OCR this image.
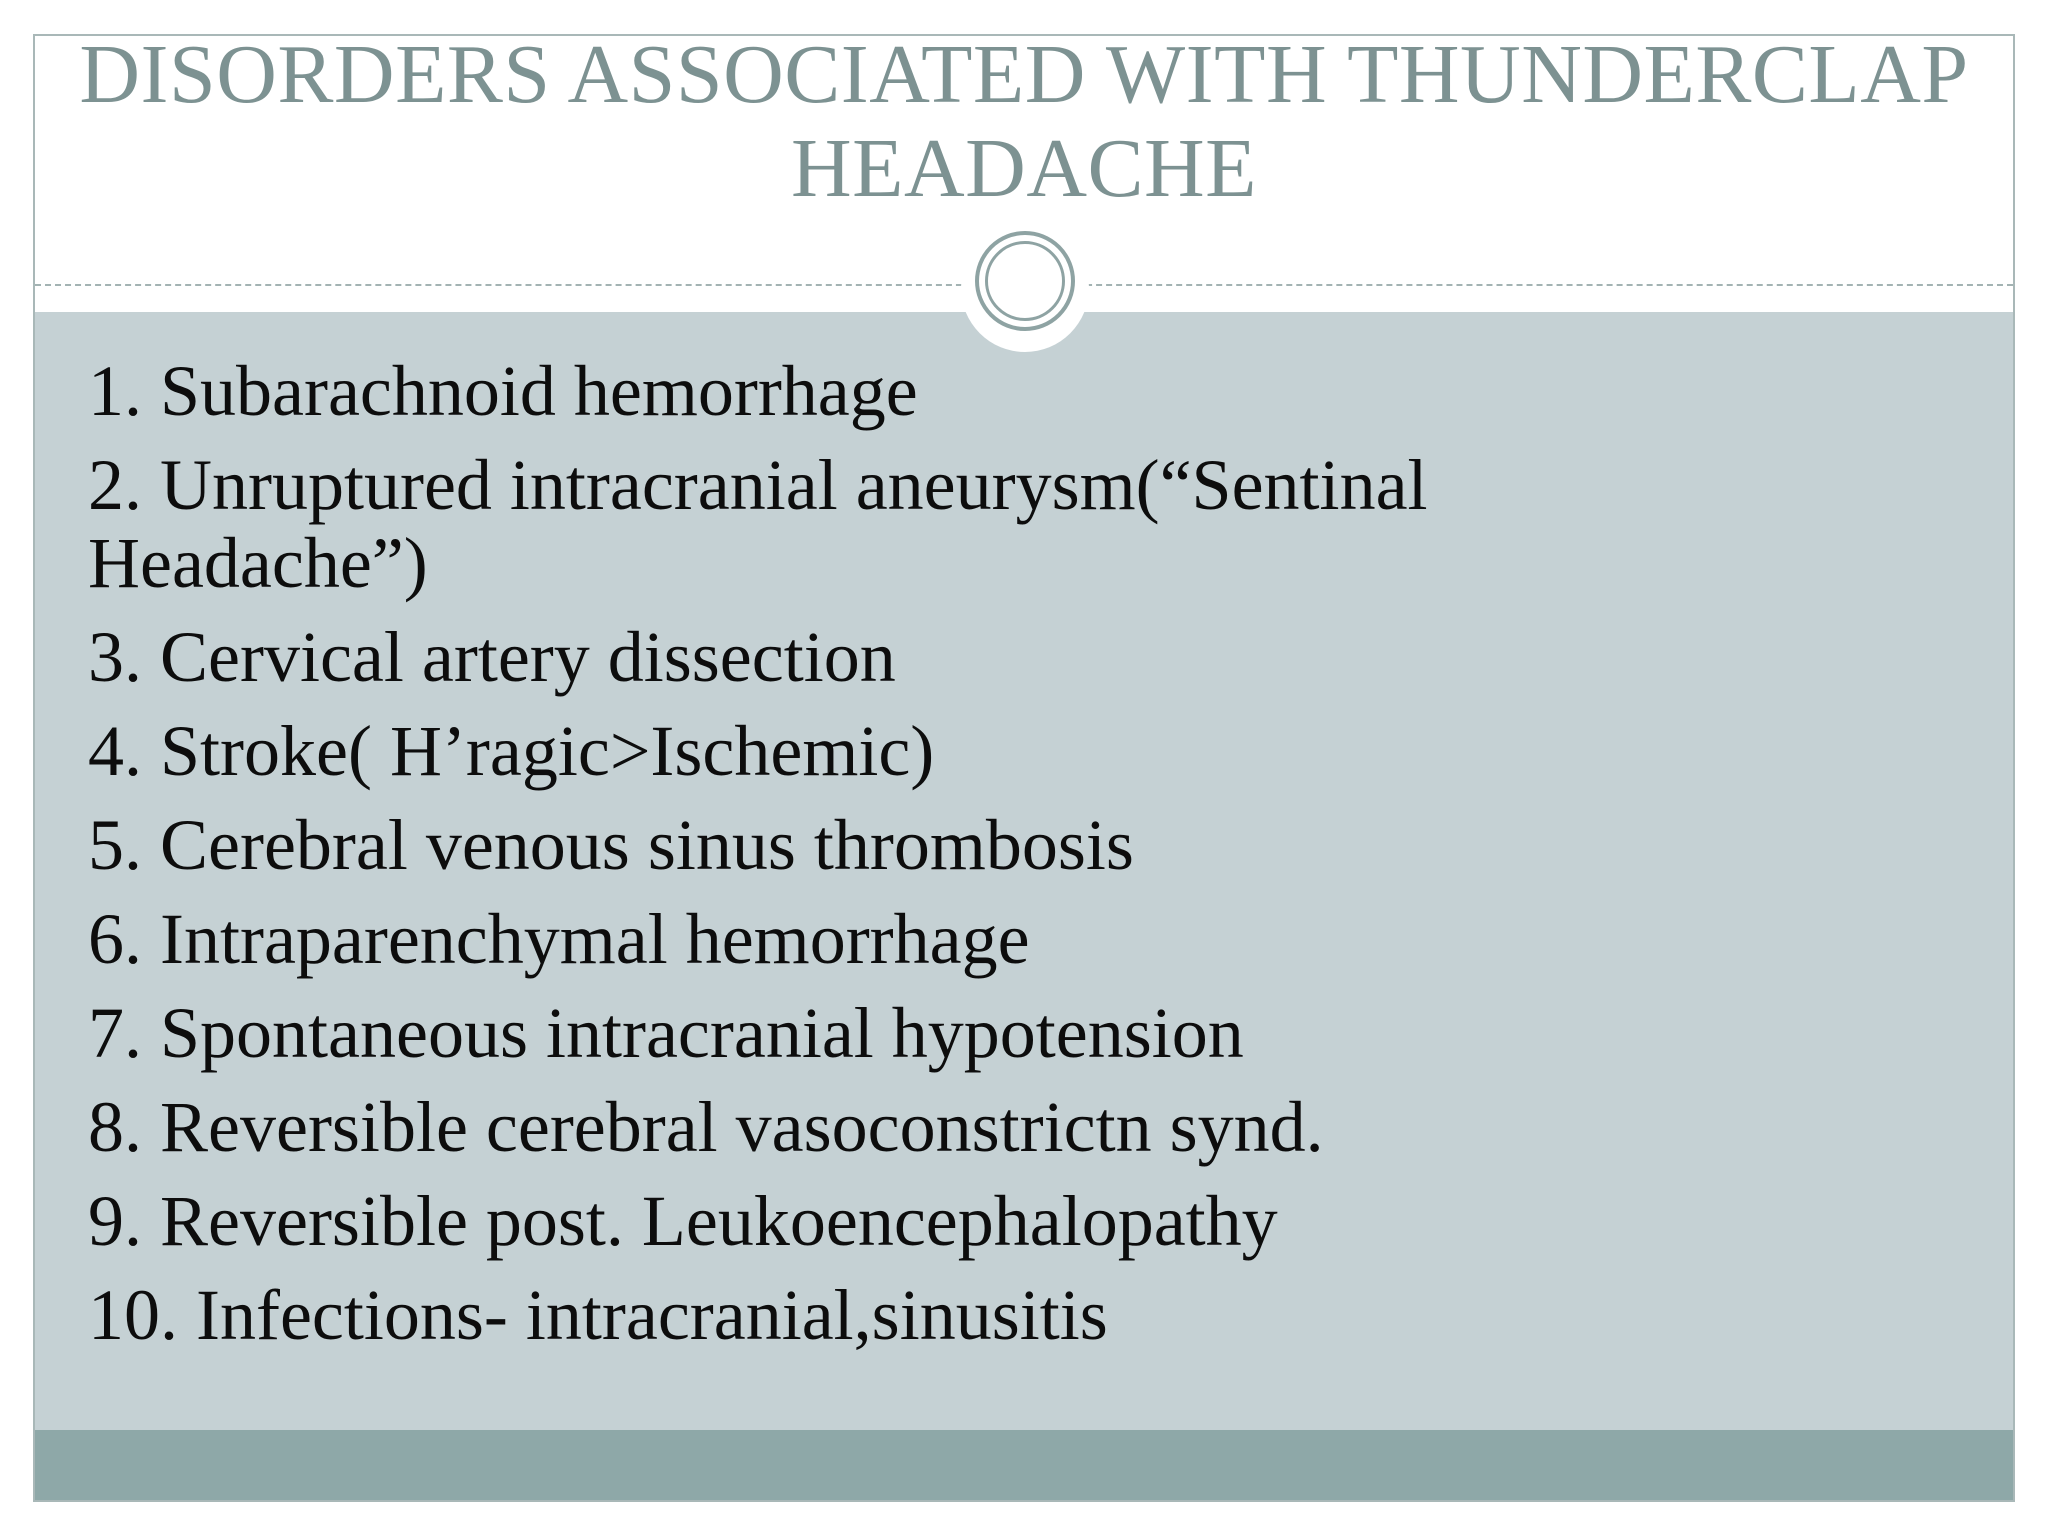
DISORDERS ASSOCIATED WITH THUNDERCLAP
HEADACHE
1. Subarachnoid hemorrhage
2. Unruptured intracranial aneurysm(“Sentinal Headache”)
3. Cervical artery dissection
4. Stroke( H’ragic>Ischemic)
5. Cerebral venous sinus thrombosis
6. Intraparenchymal hemorrhage
7. Spontaneous intracranial hypotension
8. Reversible cerebral vasoconstrictn synd.
9. Reversible post. Leukoencephalopathy
10. Infections- intracranial,sinusitis
